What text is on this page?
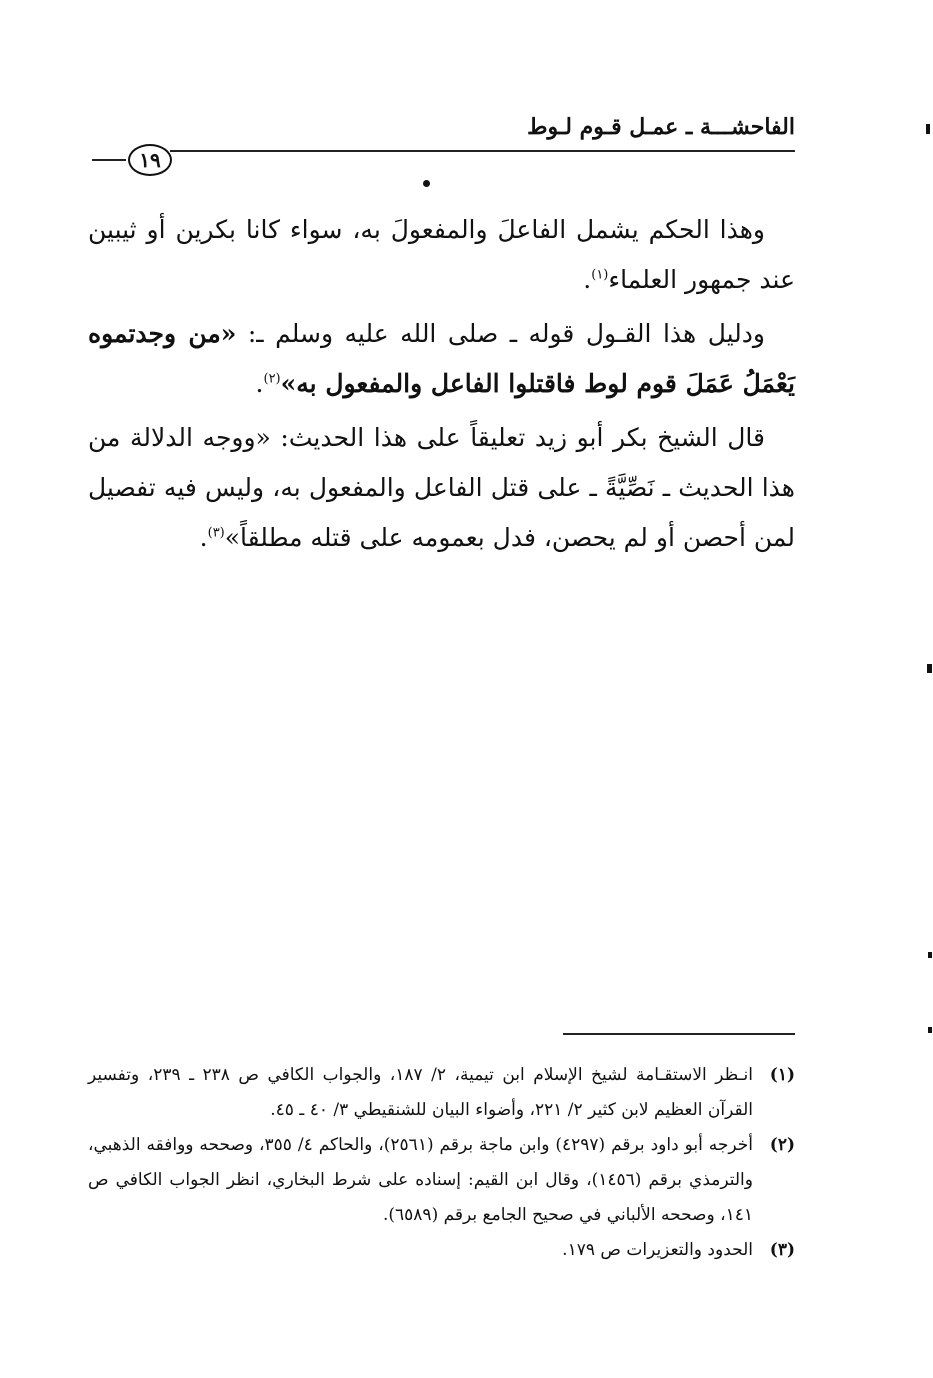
الفاحشـــة ـ عمـل قـوم لـوط
١٩

وهذا الحكم يشمل الفاعلَ والمفعولَ به، سواء كانا بكرين أو ثيبين عند جمهور العلماء$^{(١)}$.

ودليل هذا القـول قوله ـ صلى الله عليه وسلم ـ: «من وجدتموه يَعْمَلُ عَمَلَ قوم لوط فاقتلوا الفاعل والمفعول به»$^{(٢)}$.

قال الشيخ بكر أبو زيد تعليقاً على هذا الحديث: «ووجه الدلالة من هذا الحديث ـ نَصِّيَّةً ـ على قتل الفاعل والمفعول به، وليس فيه تفصيل لمن أحصن أو لم يحصن، فدل بعمومه على قتله مطلقاً»$^{(٣)}$.

(١)
انـظر الاستقـامة لشيخ الإسلام ابن تيمية، ٢/ ١٨٧، والجواب الكافي ص ٢٣٨ ـ ٢٣٩، وتفسير القرآن العظيم لابن كثير ٢/ ٢٢١، وأضواء البيان للشنقيطي ٣/ ٤٠ ـ ٤٥.

(٢)
أخرجه أبو داود برقم (٤٢٩٧) وابن ماجة برقم (٢٥٦١)، والحاكم ٤/ ٣٥٥، وصححه ووافقه الذهبي، والترمذي برقم (١٤٥٦)، وقال ابن القيم: إسناده على شرط البخاري، انظر الجواب الكافي ص ١٤١، وصححه الألباني في صحيح الجامع برقم (٦٥٨٩).

(٣)
الحدود والتعزيرات ص ١٧٩.
